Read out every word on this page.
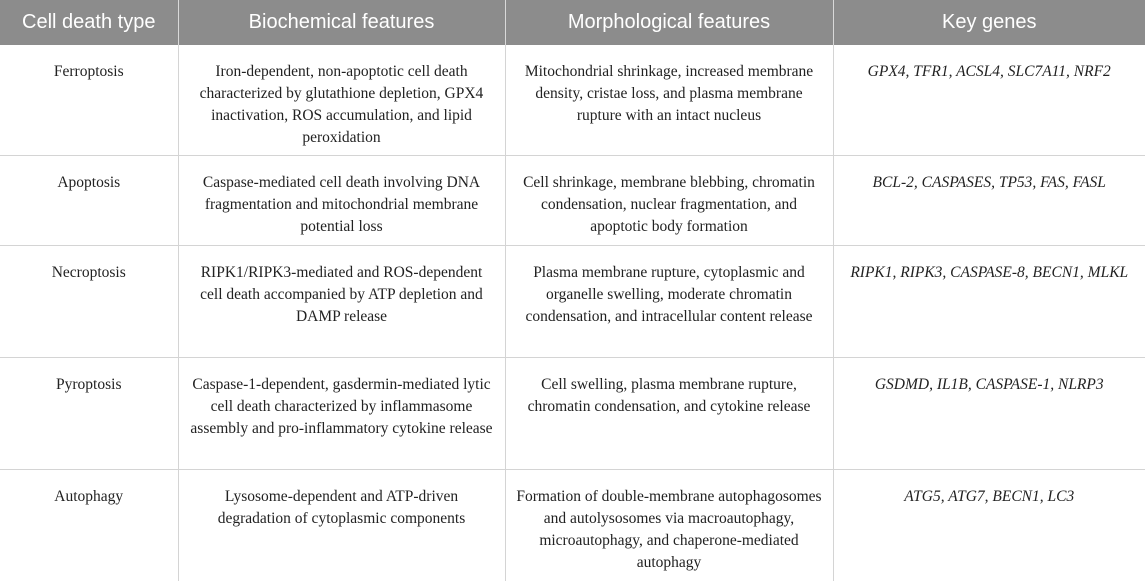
Cell death type	Biochemical features	Morphological features	Key genes
Ferroptosis	Iron-dependent, non-apoptotic cell death characterized by glutathione depletion, GPX4 inactivation, ROS accumulation, and lipid peroxidation	Mitochondrial shrinkage, increased membrane density, cristae loss, and plasma membrane rupture with an intact nucleus	GPX4, TFR1, ACSL4, SLC7A11, NRF2
Apoptosis	Caspase-mediated cell death involving DNA fragmentation and mitochondrial membrane potential loss	Cell shrinkage, membrane blebbing, chromatin condensation, nuclear fragmentation, and apoptotic body formation	BCL-2, CASPASES, TP53, FAS, FASL
Necroptosis	RIPK1/RIPK3-mediated and ROS-dependent cell death accompanied by ATP depletion and DAMP release	Plasma membrane rupture, cytoplasmic and organelle swelling, moderate chromatin condensation, and intracellular content release	RIPK1, RIPK3, CASPASE-8, BECN1, MLKL
Pyroptosis	Caspase-1-dependent, gasdermin-mediated lytic cell death characterized by inflammasome assembly and pro-inflammatory cytokine release	Cell swelling, plasma membrane rupture, chromatin condensation, and cytokine release	GSDMD, IL1B, CASPASE-1, NLRP3
Autophagy	Lysosome-dependent and ATP-driven degradation of cytoplasmic components	Formation of double-membrane autophagosomes and autolysosomes via macroautophagy, microautophagy, and chaperone-mediated autophagy	ATG5, ATG7, BECN1, LC3
